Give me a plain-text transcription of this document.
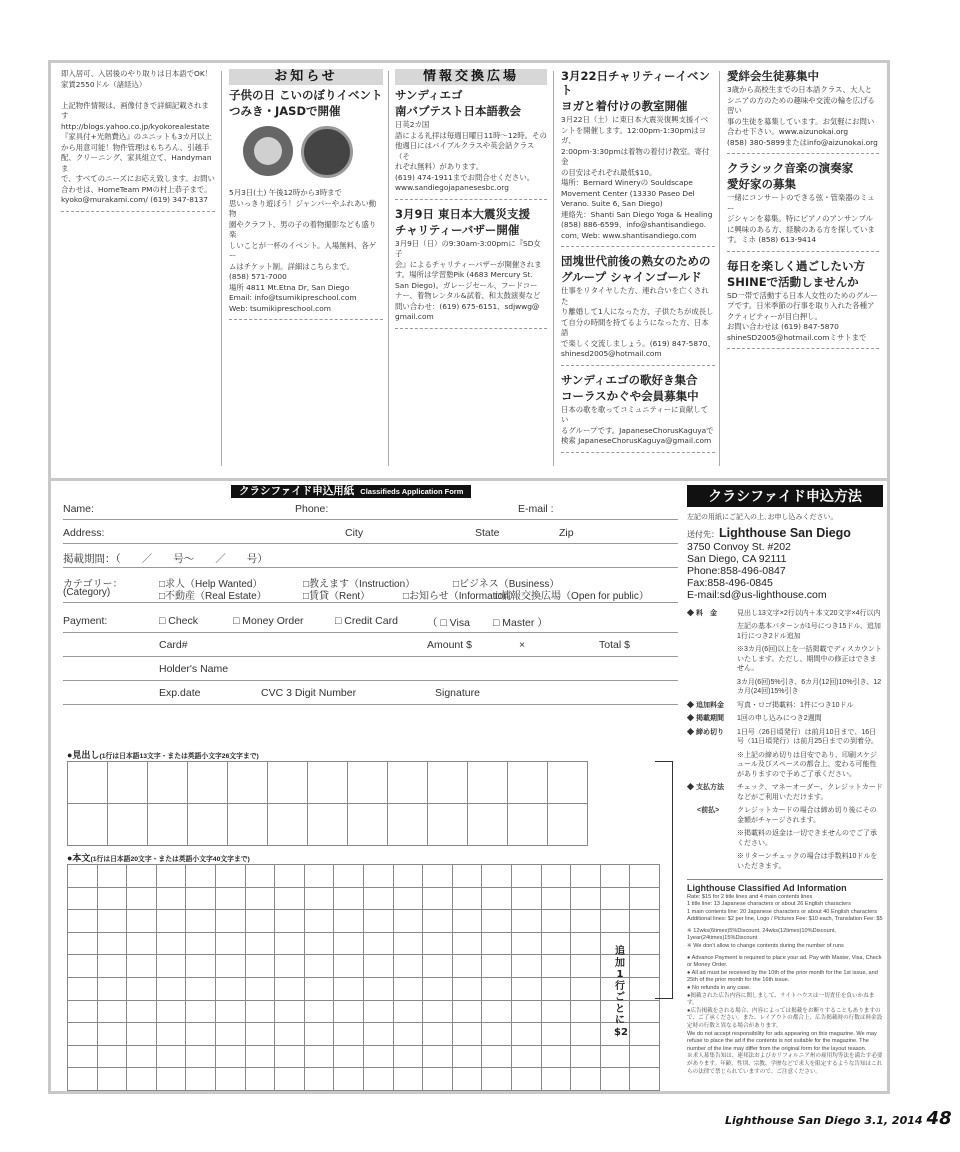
即入居可、入居後のやり取りは日本語でOK！

家賃2550ドル（諸経込）

上記物件情報は、画像付きで詳細記載されます

http://blogs.yahoo.co.jp/kyokorealestate

『家具付+光熱費込』のユニットも3カ月以上

から用意可能！物件管理はもちろん、引越手

配、クリーニング、家具組立て、Handymanま

で、すべてのニーズにお応え致します。お問い

合わせは、HomeTeam PMの村上恭子まで。

kyoko@murakami.com/ (619) 347-8137

お知らせ
子供の日 こいのぼりイベント
つみき・JASDで開催

5月3日(土) 午後12時から3時まで

思いっきり遊ぼう！ジャンパーやふれあい動物

園やクラフト、男の子の着物撮影なども盛り楽

しいことが一杯のイベント。入場無料、各ゲー

ムはチケット制。詳細はこちらまで。

(858) 571-7000

場所 4811 Mt.Etna Dr, San Diego

Email: info@tsumikipreschool.com

Web: tsumikipreschool.com

情報交換広場
サンディエゴ
南バプテスト日本語教会

日英2カ国

語による礼拝は毎週日曜日11時～12時。その

他週日にはバイブルクラスや英会話クラス（そ

れぞれ無料）があります。

(619) 474-1911までお問合せください。

www.sandiegojapanesesbc.org

3月9日 東日本大震災支援
チャリティーバザー開催

3月9日（日）の9:30am-3:00pmに『SD女子

会』によるチャリティーバザーが開催されま

す。場所は学習塾Pik (4683 Mercury St.

San Diego)。ガレージセール、フードコー

ナー、着物レンタル&試着、和太鼓演奏など

問い合わせ：(619) 675-6151、sdjwwg@

gmail.com

3月22日チャリティーイベント
ヨガと着付けの教室開催

3月22日（土）に東日本大震災復興支援イベ

ントを開催します。12:00pm-1:30pmはヨガ、

2:00pm-3:30pmは着物の着付け教室。寄付金

の目安はそれぞれ最低$10。

場所：Bernard Wineryの Souldscape

Movement Center (13330 Paseo Del

Verano. Suite 6, San Diego)

連絡先：Shanti San Diego Yoga & Healing

(858) 886-6599、info@shantisandiego.

com, Web: www.shantisandiego.com

団塊世代前後の熟女のための
グループ シャインゴールド

仕事をリタイヤした方、連れ合いを亡くされた

り離婚して1人になった方、子供たちが成長し

て自分の時間を持てるようになった方、日本語

で楽しく交流しましょう。(619) 847-5870、

shinesd2005@hotmail.com

サンディエゴの歌好き集合
コーラスかぐや会員募集中

日本の歌を歌ってコミュニティーに貢献してい

るグループです。JapaneseChorusKaguyaで

検索 JapaneseChorusKaguya@gmail.com

愛絆会生徒募集中

3歳から高校生までの日本語クラス、大人と

シニアの方のための趣味や交流の輪を広げる習い

事の生徒を募集しています。お気軽にお問い

合わせ下さい。www.aizunokai.org

(858) 380-5899またはinfo@aizunokai.org

クラシック音楽の演奏家
愛好家の募集

一緒にコンサートのできる弦・管楽器のミュー

ジシャンを募集。特にピアノのアンサンブル

に興味のある方、経験のある方を探していま

す。ミホ (858) 613-9414

毎日を楽しく過ごしたい方
SHINEで活動しませんか

SD一帯で活動する日本人女性のためのグルー

プです。日米季節の行事を取り入れた各種ア

クティビティーが目白押し。

お問い合わせは (619) 847-5870

shineSD2005@hotmail.comミサトまで

クラシファイド申込用紙 Classifieds Application Form
Name:	Phone:	E-mail :
Address:	City	State	Zip
掲載期間：（　　／　　号～　　／　　号）
カテゴリー：
(Category)
□求人（Help Wanted）	□教えます（Instruction）	□ビジネス（Business）
□不動産（Real Estate）	□賃貸（Rent）	□お知らせ（Information）
□情報交換広場（Open for public）
Payment:	□ Check	□ Money Order	□ Credit Card	（ □ Visa □ Master ）
Card#	Amount $	×	Total $
Holder's Name
Exp.date	CVC 3 Digit Number	Signature
●見出し(1行は日本語13文字・または英語小文字26文字まで)
●本文(1行は日本語20文字・または英語小文字40文字まで)
クラシファイド申込方法
左記の用紙にご記入の上､お申し込みください。
送付先：Lighthouse San Diego
3750 Convoy St. #202
San Diego, CA 92111
Phone:858-496-0847
Fax:858-496-0845
E-mail:sd@us-lighthouse.com
◆ 料　金	見出し13文字×2行以内＋本文20文字×4行以内
左記の基本パターンが1号につき15ドル、追加1行につき2ドル追加
※3カ月(6回)以上を一括掲載でディスカウントいたします。ただし、期間中の修正はできません。
3カ月(6回)5%引き、6カ月(12回)10%引き、12カ月(24回)15%引き
◆ 追加料金 写真・ロゴ掲載料：1件につき10ドル
◆ 掲載期間 1回の申し込みにつき2週間
◆ 締め切り 1日号（26日頃発行）は前月10日まで、16日号（11日頃発行）は前月25日までの到着分。
※上記の締め切りは目安であり、印刷スケジュール及びスペースの都合上、変わる可能性がありますので予めご了承ください。
◆ 支払方法 チェック、マネーオーダー、クレジットカードなどがご利用いただけます。
<前払>	クレジットカードの場合は締め切り後にその金額がチャージされます。
※掲載料の返金は一切できませんのでご了承ください。
※リターンチェックの場合は手数料10ドルをいただきます。
Lighthouse Classified Ad Information
Rate: $15 for 2 title lines and 4 main contents lines
1 title line: 13 Japanese characters or about 26 English characters
1 main contents line: 20 Japanese characters or about 40 English characters
Additional lines: $2 per line, Logo / Pictures Fee: $10 each, Translation Fee: $5
※ 12wks(6times)5%Discount, 24wks(12times)10%Discount, 1year(24times)15%Discount
※ We don't allow to change contents during the number of runs
● Advance Payment is required to place your ad. Pay with Master, Visa, Check or Money Order.
● All ad must be received by the 10th of the prior month for the 1st issue, and 25th of the prior month for the 16th issue.
● No refunds in any case.
●掲載された広告内容に関しまして、ライトハウスは一切責任を負いかねます。
●広告掲載をされる場合、内容によっては掲載をお断りすることもありますので、ご了承ください。また、レイアウトの都合上、広告掲載時の行数は料金設定時の行数と異なる場合があります。
We do not accept responsibility for ads appearing on this magazine. We may refuse to place the ad if the contents is not suitable for the magazine. The number of the line may differ from the original form for the layout reason.
※求人募集告知は、連邦法およびカリフォルニア州の雇用均等法を満たす必要があります。年齢、性別、宗教、学歴などで求人を限定するような告知はこれらの法律で禁じられていますので、ご注意ください。
追加1行ごとに$2
Lighthouse San Diego 3.1, 2014 48
